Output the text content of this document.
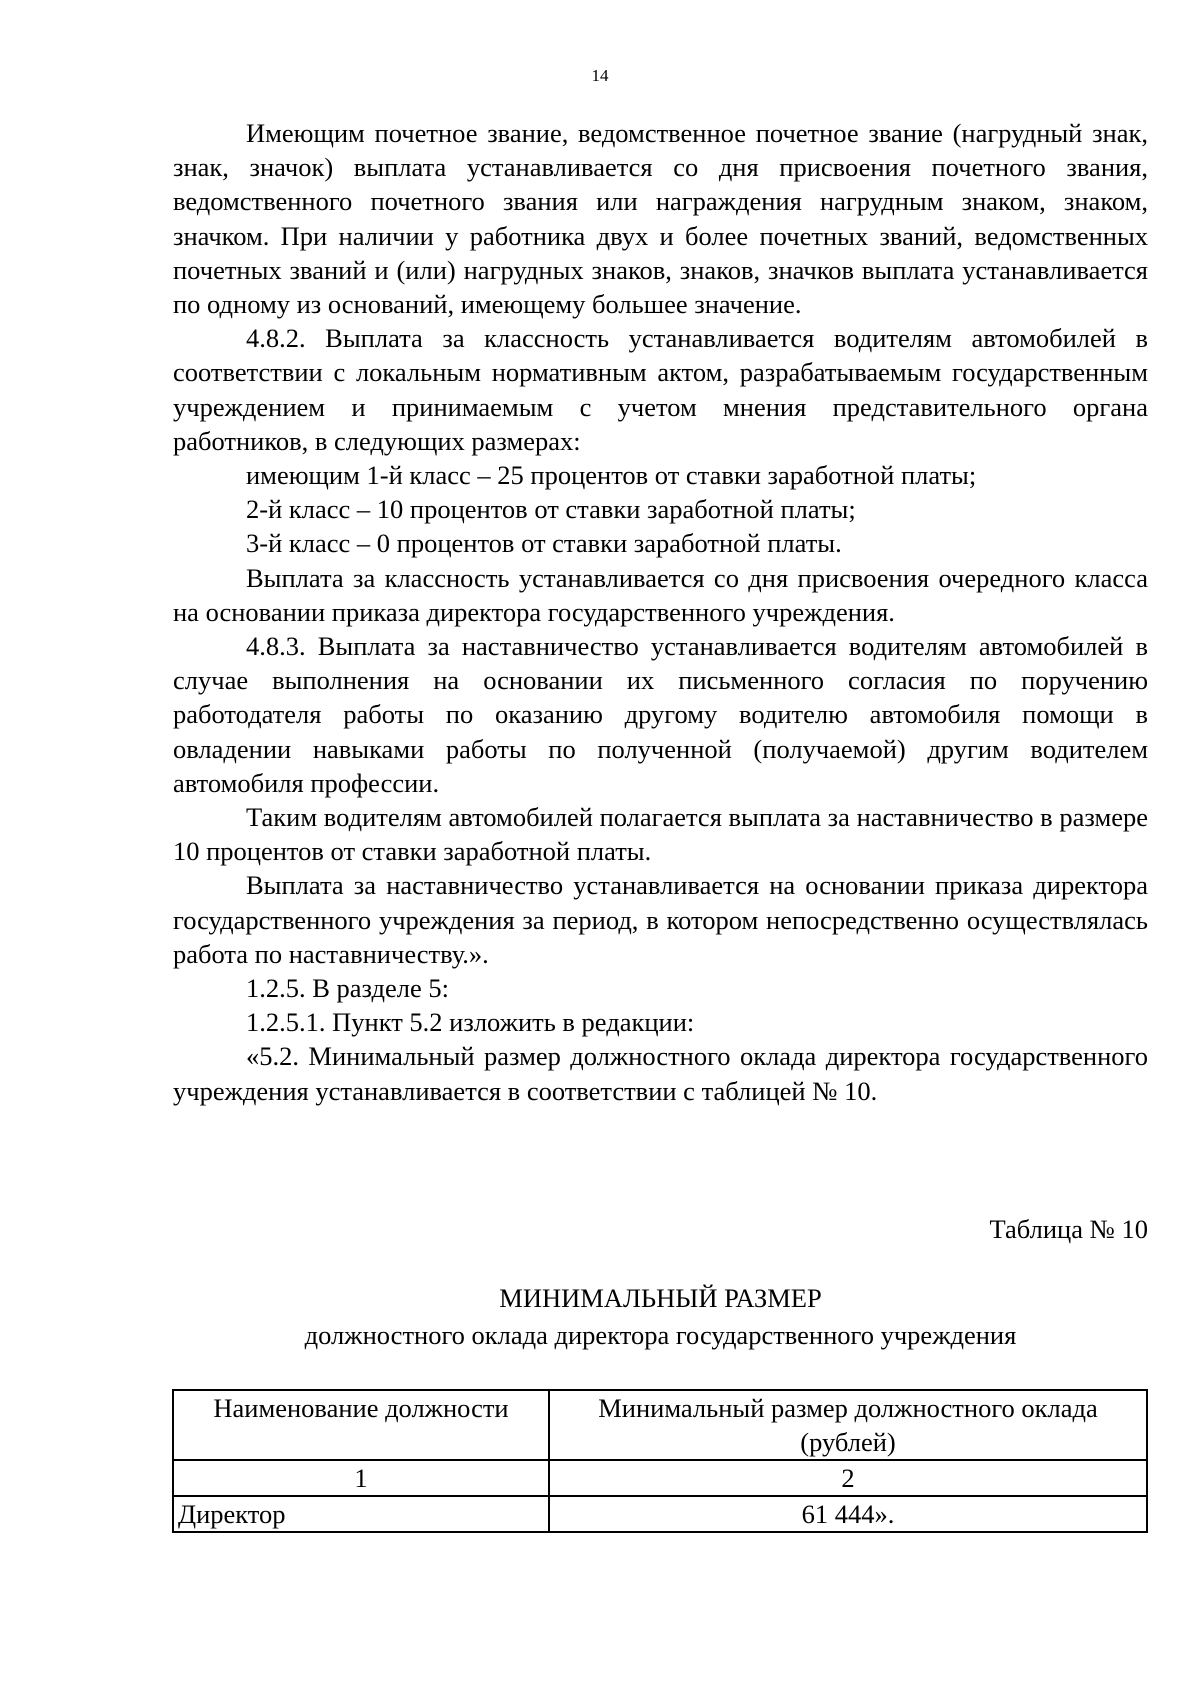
14

Имеющим почетное звание, ведомственное почетное звание (нагрудный знак, знак, значок) выплата устанавливается со дня присвоения почетного звания, ведомственного почетного звания или награждения нагрудным знаком, знаком, значком. При наличии у работника двух и более почетных званий, ведомственных почетных званий и (или) нагрудных знаков, знаков, значков выплата устанавливается по одному из оснований, имеющему большее значение.

4.8.2. Выплата за классность устанавливается водителям автомобилей в соответствии с локальным нормативным актом, разрабатываемым государственным учреждением и принимаемым с учетом мнения представительного органа работников, в следующих размерах:

имеющим 1-й класс – 25 процентов от ставки заработной платы;

2-й класс – 10 процентов от ставки заработной платы;

3-й класс – 0 процентов от ставки заработной платы.

Выплата за классность устанавливается со дня присвоения очередного класса на основании приказа директора государственного учреждения.

4.8.3. Выплата за наставничество устанавливается водителям автомобилей в случае выполнения на основании их письменного согласия по поручению работодателя работы по оказанию другому водителю автомобиля помощи в овладении навыками работы по полученной (получаемой) другим водителем автомобиля профессии.

Таким водителям автомобилей полагается выплата за наставничество в размере 10 процентов от ставки заработной платы.

Выплата за наставничество устанавливается на основании приказа директора государственного учреждения за период, в котором непосредственно осуществлялась работа по наставничеству.».

1.2.5. В разделе 5:

1.2.5.1. Пункт 5.2 изложить в редакции:

«5.2. Минимальный размер должностного оклада директора государственного учреждения устанавливается в соответствии с таблицей № 10.

Таблица № 10
МИНИМАЛЬНЫЙ РАЗМЕР
должностного оклада директора государственного учреждения
Наименование должности	Минимальный размер должностного оклада (рублей)
1	2
Директор	61 444».
